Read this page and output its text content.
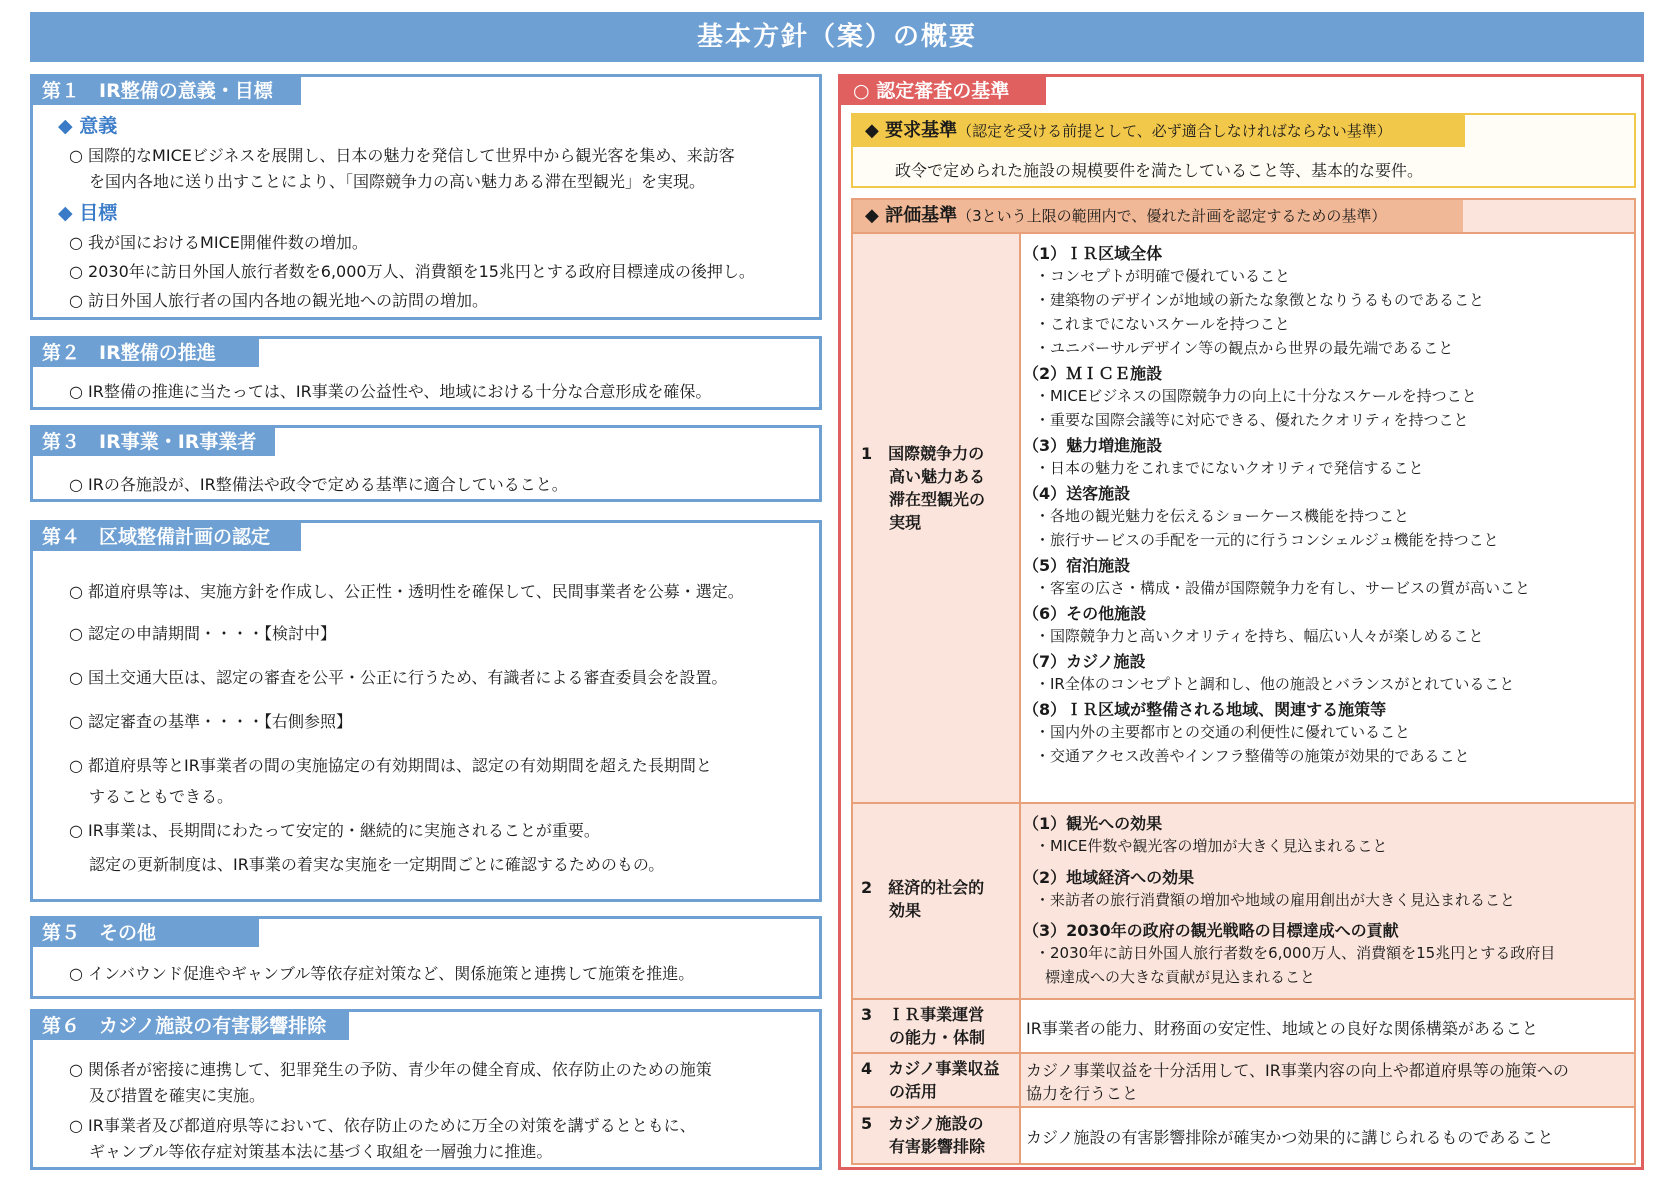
基本方針（案）の概要
第１　IR整備の意義・目標
◆ 意義
○ 国際的なMICEビジネスを展開し、日本の魅力を発信して世界中から観光客を集め、来訪客
を国内各地に送り出すことにより、「国際競争力の高い魅力ある滞在型観光」を実現。
◆ 目標
○ 我が国におけるMICE開催件数の増加。
○ 2030年に訪日外国人旅行者数を6,000万人、消費額を15兆円とする政府目標達成の後押し。
○ 訪日外国人旅行者の国内各地の観光地への訪問の増加。
第２　IR整備の推進
○ IR整備の推進に当たっては、IR事業の公益性や、地域における十分な合意形成を確保。
第３　IR事業・IR事業者
○ IRの各施設が、IR整備法や政令で定める基準に適合していること。
第４　区域整備計画の認定
○ 都道府県等は、実施方針を作成し、公正性・透明性を確保して、民間事業者を公募・選定。
○ 認定の申請期間・・・・【検討中】
○ 国土交通大臣は、認定の審査を公平・公正に行うため、有識者による審査委員会を設置。
○ 認定審査の基準・・・・【右側参照】
○ 都道府県等とIR事業者の間の実施協定の有効期間は、認定の有効期間を超えた長期間と
することもできる。
○ IR事業は、長期間にわたって安定的・継続的に実施されることが重要。
認定の更新制度は、IR事業の着実な実施を一定期間ごとに確認するためのもの。
第５　その他
○ インバウンド促進やギャンブル等依存症対策など、関係施策と連携して施策を推進。
第６　カジノ施設の有害影響排除
○ 関係者が密接に連携して、犯罪発生の予防、青少年の健全育成、依存防止のための施策
及び措置を確実に実施。
○ IR事業者及び都道府県等において、依存防止のために万全の対策を講ずるとともに、
ギャンブル等依存症対策基本法に基づく取組を一層強力に推進。
○ 認定審査の基準
◆ 要求基準（認定を受ける前提として、必ず適合しなければならない基準）
政令で定められた施設の規模要件を満たしていること等、基本的な要件。
◆ 評価基準（3という上限の範囲内で、優れた計画を認定するための基準）
1　国際競争力の
高い魅力ある
滞在型観光の
実現
（1）ＩＲ区域全体
・コンセプトが明確で優れていること
・建築物のデザインが地域の新たな象徴となりうるものであること
・これまでにないスケールを持つこと
・ユニバーサルデザイン等の観点から世界の最先端であること
（2）ＭＩＣＥ施設
・MICEビジネスの国際競争力の向上に十分なスケールを持つこと
・重要な国際会議等に対応できる、優れたクオリティを持つこと
（3）魅力増進施設
・日本の魅力をこれまでにないクオリティで発信すること
（4）送客施設
・各地の観光魅力を伝えるショーケース機能を持つこと
・旅行サービスの手配を一元的に行うコンシェルジュ機能を持つこと
（5）宿泊施設
・客室の広さ・構成・設備が国際競争力を有し、サービスの質が高いこと
（6）その他施設
・国際競争力と高いクオリティを持ち、幅広い人々が楽しめること
（7）カジノ施設
・IR全体のコンセプトと調和し、他の施設とバランスがとれていること
（8）ＩＲ区域が整備される地域、関連する施策等
・国内外の主要都市との交通の利便性に優れていること
・交通アクセス改善やインフラ整備等の施策が効果的であること
2　経済的社会的
効果
（1）観光への効果
・MICE件数や観光客の増加が大きく見込まれること
（2）地域経済への効果
・来訪者の旅行消費額の増加や地域の雇用創出が大きく見込まれること
（3）2030年の政府の観光戦略の目標達成への貢献
・2030年に訪日外国人旅行者数を6,000万人、消費額を15兆円とする政府目
標達成への大きな貢献が見込まれること
3　ＩＲ事業運営
の能力・体制	IR事業者の能力、財務面の安定性、地域との良好な関係構築があること
4　カジノ事業収益
の活用
カジノ事業収益を十分活用して、IR事業内容の向上や都道府県等の施策への
協力を行うこと
5　カジノ施設の
有害影響排除	カジノ施設の有害影響排除が確実かつ効果的に講じられるものであること
